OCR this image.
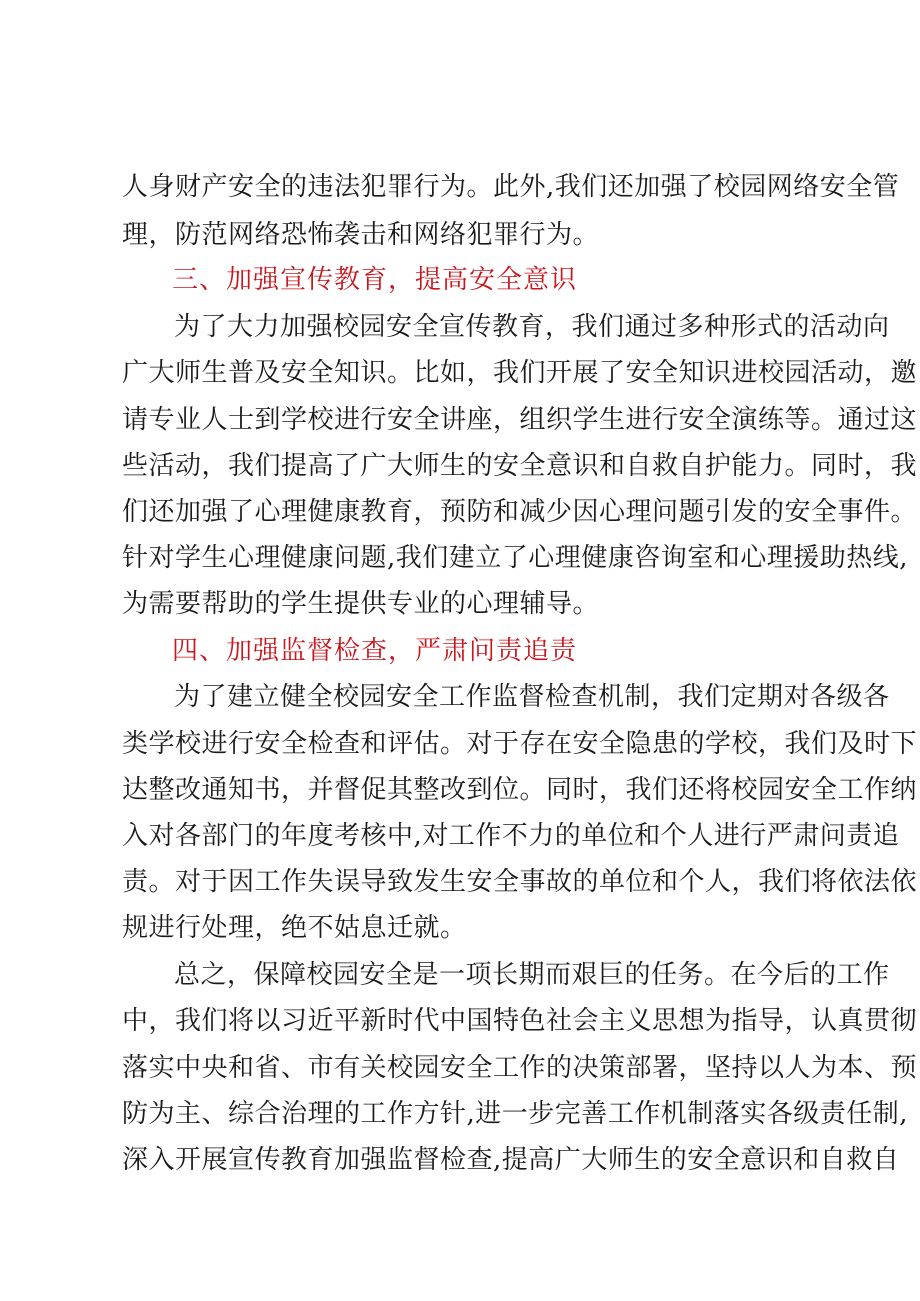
人身财产安全的违法犯罪行为。此外,我们还加强了校园网络安全管
理，防范网络恐怖袭击和网络犯罪行为。
三、加强宣传教育，提高安全意识
为了大力加强校园安全宣传教育，我们通过多种形式的活动向
广大师生普及安全知识。比如，我们开展了安全知识进校园活动，邀
请专业人士到学校进行安全讲座，组织学生进行安全演练等。通过这
些活动，我们提高了广大师生的安全意识和自救自护能力。同时，我
们还加强了心理健康教育，预防和减少因心理问题引发的安全事件。
针对学生心理健康问题,我们建立了心理健康咨询室和心理援助热线,
为需要帮助的学生提供专业的心理辅导。
四、加强监督检查，严肃问责追责
为了建立健全校园安全工作监督检查机制，我们定期对各级各
类学校进行安全检查和评估。对于存在安全隐患的学校，我们及时下
达整改通知书，并督促其整改到位。同时，我们还将校园安全工作纳
入对各部门的年度考核中,对工作不力的单位和个人进行严肃问责追
责。对于因工作失误导致发生安全事故的单位和个人，我们将依法依
规进行处理，绝不姑息迁就。
总之，保障校园安全是一项长期而艰巨的任务。在今后的工作
中，我们将以习近平新时代中国特色社会主义思想为指导，认真贯彻
落实中央和省、市有关校园安全工作的决策部署，坚持以人为本、预
防为主、综合治理的工作方针,进一步完善工作机制落实各级责任制,
深入开展宣传教育加强监督检查,提高广大师生的安全意识和自救自
